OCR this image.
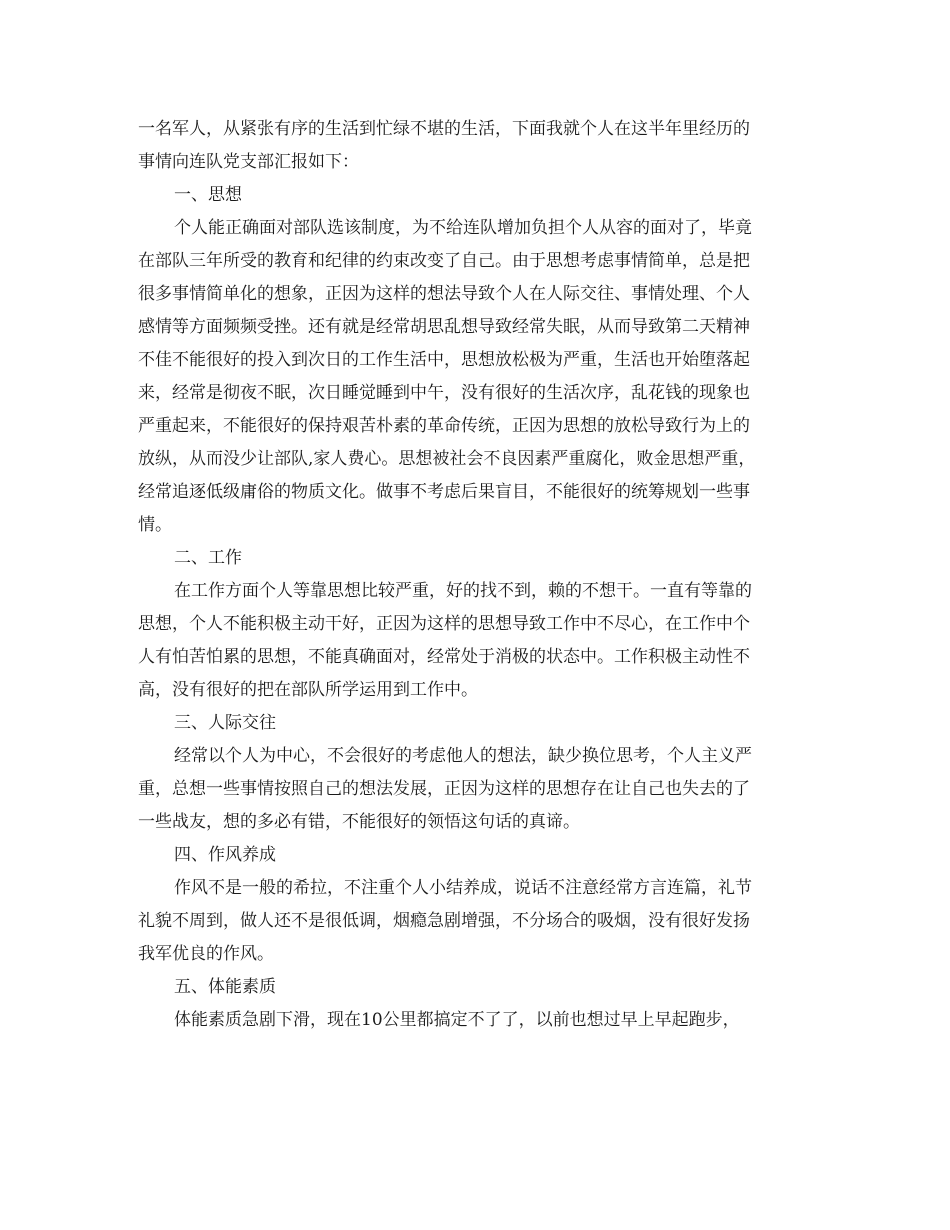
一名军人，从紧张有序的生活到忙绿不堪的生活，下面我就个人在这半年里经历的
事情向连队党支部汇报如下：
一、思想
个人能正确面对部队选该制度，为不给连队增加负担个人从容的面对了，毕竟
在部队三年所受的教育和纪律的约束改变了自己。由于思想考虑事情简单，总是把
很多事情简单化的想象，正因为这样的想法导致个人在人际交往、事情处理、个人
感情等方面频频受挫。还有就是经常胡思乱想导致经常失眠，从而导致第二天精神
不佳不能很好的投入到次日的工作生活中，思想放松极为严重，生活也开始堕落起
来，经常是彻夜不眠，次日睡觉睡到中午，没有很好的生活次序，乱花钱的现象也
严重起来，不能很好的保持艰苦朴素的革命传统，正因为思想的放松导致行为上的
放纵，从而没少让部队,家人费心。思想被社会不良因素严重腐化，败金思想严重，
经常追逐低级庸俗的物质文化。做事不考虑后果盲目，不能很好的统筹规划一些事
情。
二、工作
在工作方面个人等靠思想比较严重，好的找不到，赖的不想干。一直有等靠的
思想，个人不能积极主动干好，正因为这样的思想导致工作中不尽心，在工作中个
人有怕苦怕累的思想，不能真确面对，经常处于消极的状态中。工作积极主动性不
高，没有很好的把在部队所学运用到工作中。
三、人际交往
经常以个人为中心，不会很好的考虑他人的想法，缺少换位思考，个人主义严
重，总想一些事情按照自己的想法发展，正因为这样的思想存在让自己也失去的了
一些战友，想的多必有错，不能很好的领悟这句话的真谛。
四、作风养成
作风不是一般的希拉，不注重个人小结养成，说话不注意经常方言连篇，礼节
礼貌不周到，做人还不是很低调，烟瘾急剧增强，不分场合的吸烟，没有很好发扬
我军优良的作风。
五、体能素质
体能素质急剧下滑，现在10公里都搞定不了了，以前也想过早上早起跑步，
